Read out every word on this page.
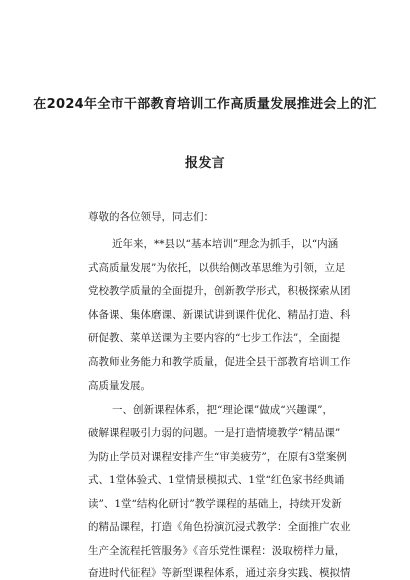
在2024年全市干部教育培训工作高质量发展推进会上的汇
报发言
尊敬的各位领导，同志们：
近年来，**县以“基本培训”理念为抓手，以“内涵
式高质量发展”为依托，以供给侧改革思维为引领，立足
党校教学质量的全面提升，创新教学形式，积极探索从团
体备课、集体磨课、新课试讲到课件优化、精品打造、科
研促教、菜单送课为主要内容的“七步工作法”，全面提
高教师业务能力和教学质量，促进全县干部教育培训工作
高质量发展。
一、创新课程体系，把“理论课”做成“兴趣课”，
破解课程吸引力弱的问题。一是打造情境教学“精品课”
为防止学员对课程安排产生“审美疲劳”，在原有3堂案例
式、1堂体验式、1堂情景模拟式、1堂“红色家书经典诵
读”、1堂“结构化研讨”教学课程的基础上，持续开发新
的精品课程，打造《角色扮演沉浸式教学：全面推广农业
生产全流程托管服务》《音乐党性课程：汲取榜样力量，
奋进时代征程》等新型课程体系，通过亲身实践、模拟情
